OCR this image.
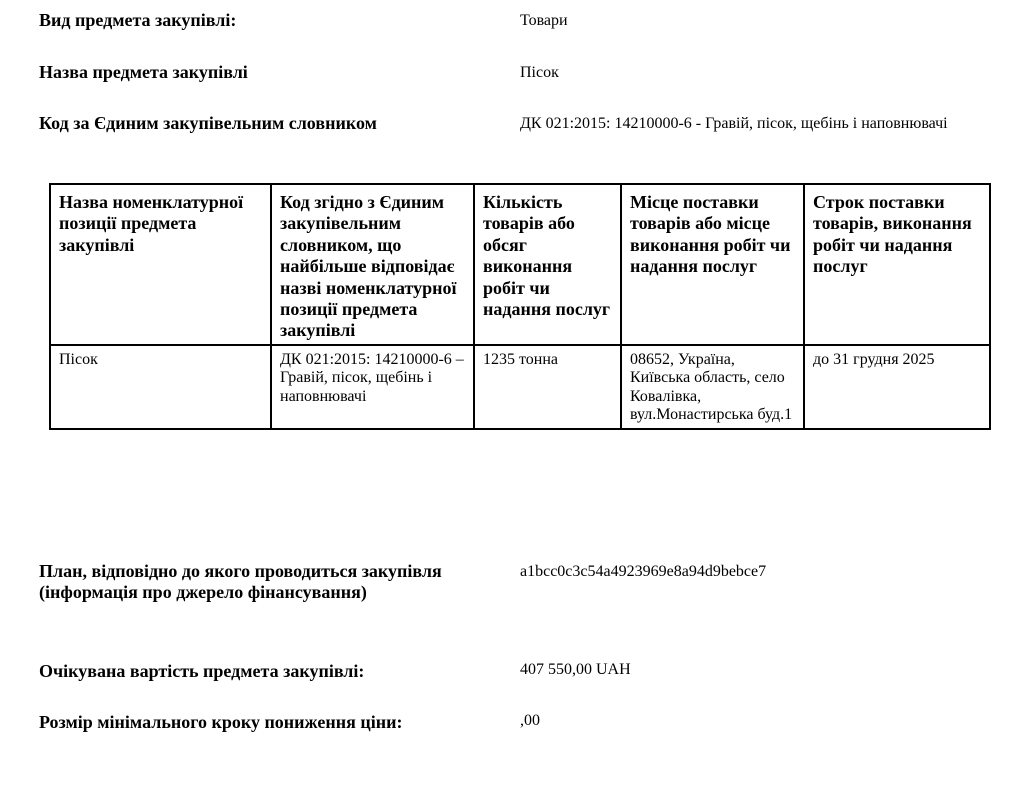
Вид предмета закупівлі:	Товари
Назва предмета закупівлі	Пісок
Код за Єдиним закупівельним словником	ДК 021:2015: 14210000-6 - Гравій, пісок, щебінь і наповнювачі
Назва номенклатурної позиції предмета закупівлі	Код згідно з Єдиним закупівельним словником, що найбільше відповідає назві номенклатурної позиції предмета закупівлі	Кількість товарів або обсяг виконання робіт чи надання послуг	Місце поставки товарів або місце виконання робіт чи надання послуг	Строк поставки товарів, виконання робіт чи надання послуг
Пісок	ДК 021:2015: 14210000-6 – Гравій, пісок, щебінь і наповнювачі	1235 тонна	08652, Україна, Київська область, село Ковалівка, вул.Монастирська буд.1	до 31 грудня 2025
План, відповідно до якого проводиться закупівля (інформація про джерело фінансування)
a1bcc0c3c54a4923969e8a94d9bebce7
Очікувана вартість предмета закупівлі:	407 550,00 UAH
Розмір мінімального кроку пониження ціни:	,00
